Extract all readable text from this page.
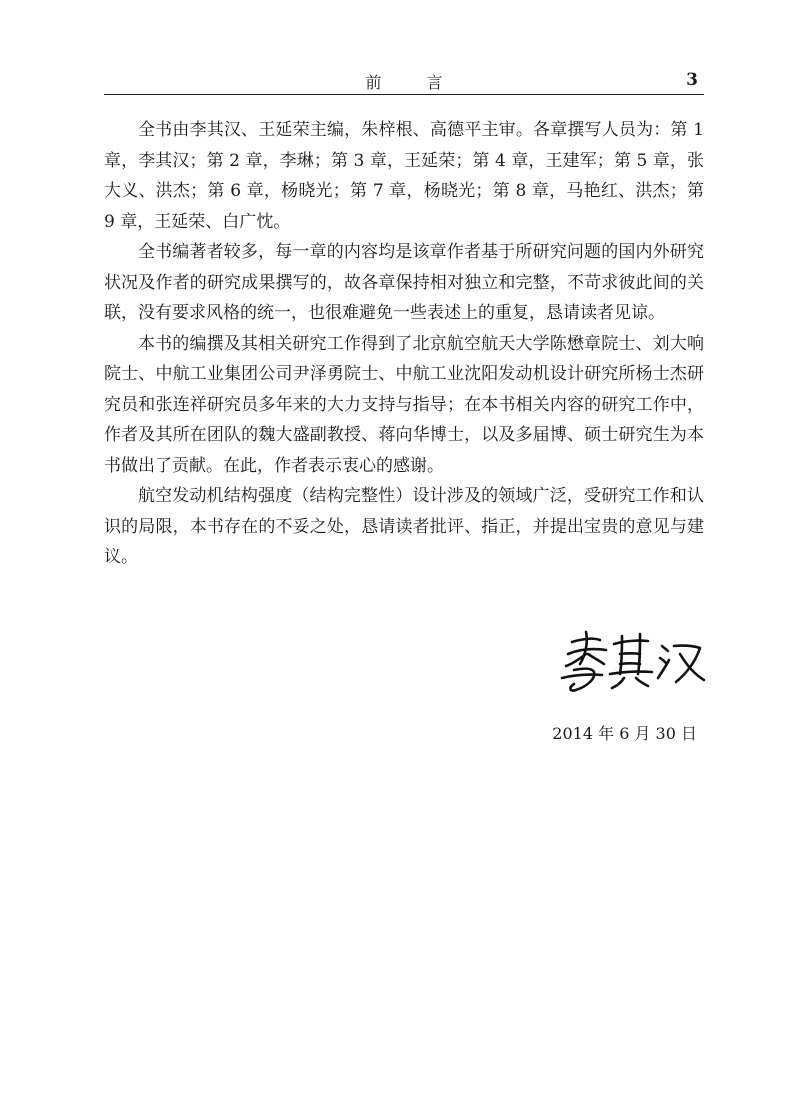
前 言	3

全书由李其汉、王延荣主编，朱梓根、高德平主审。各章撰写人员为：第 1 章，李其汉；第 2 章，李琳；第 3 章，王延荣；第 4 章，王建军；第 5 章，张大义、洪杰；第 6 章，杨晓光；第 7 章，杨晓光；第 8 章，马艳红、洪杰；第 9 章，王延荣、白广忱。

全书编著者较多，每一章的内容均是该章作者基于所研究问题的国内外研究状况及作者的研究成果撰写的，故各章保持相对独立和完整，不苛求彼此间的关联，没有要求风格的统一，也很难避免一些表述上的重复，恳请读者见谅。

本书的编撰及其相关研究工作得到了北京航空航天大学陈懋章院士、刘大响院士、中航工业集团公司尹泽勇院士、中航工业沈阳发动机设计研究所杨士杰研究员和张连祥研究员多年来的大力支持与指导；在本书相关内容的研究工作中，作者及其所在团队的魏大盛副教授、蒋向华博士，以及多届博、硕士研究生为本书做出了贡献。在此，作者表示衷心的感谢。

航空发动机结构强度（结构完整性）设计涉及的领域广泛，受研究工作和认识的局限，本书存在的不妥之处，恳请读者批评、指正，并提出宝贵的意见与建议。

2014 年 6 月 30 日
